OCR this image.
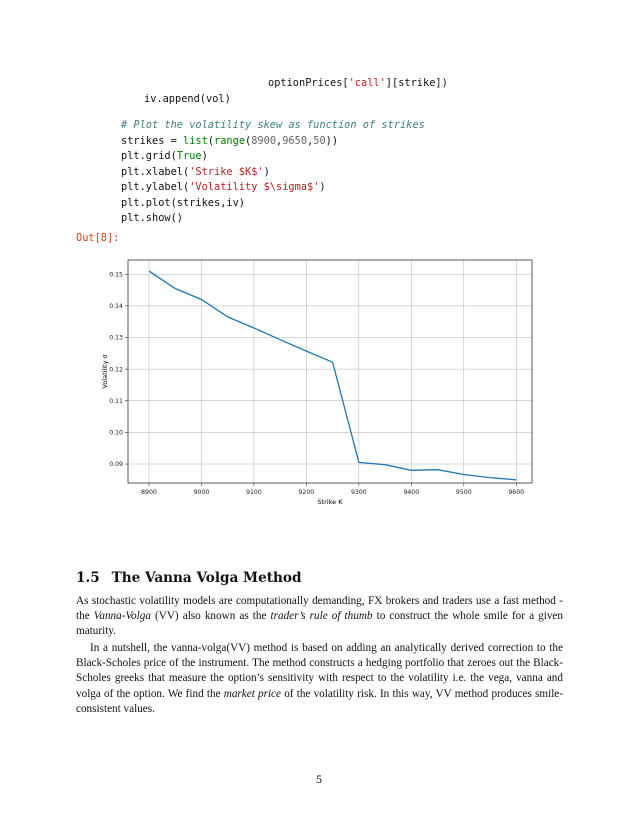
optionPrices['call'][strike])
iv.append(vol)
# Plot the volatility skew as function of strikes
strikes = list(range(8900,9650,50))
plt.grid(True)
plt.xlabel('Strike $K$')
plt.ylabel('Volatility $\sigma$')
plt.plot(strikes,iv)
plt.show()
Out[8]:
8900	9000	9100	9200	9300	9400	9500	9600
0.09
0.10
0.11
0.12
0.13
0.14
0.15
Strike K
Volatility σ
1.5 The Vanna Volga Method
As stochastic volatility models are computationally demanding, FX brokers and traders use a fast method - the Vanna-Volga (VV) also known as the trader’s rule of thumb to construct the whole smile for a given maturity.
In a nutshell, the vanna-volga(VV) method is based on adding an analytically derived correction to the Black-Scholes price of the instrument. The method constructs a hedging portfolio that zeroes out the Black-Scholes greeks that measure the option’s sensitivity with respect to the volatility i.e. the vega, vanna and volga of the option. We find the market price of the volatility risk. In this way, VV method produces smile-consistent values.
5
